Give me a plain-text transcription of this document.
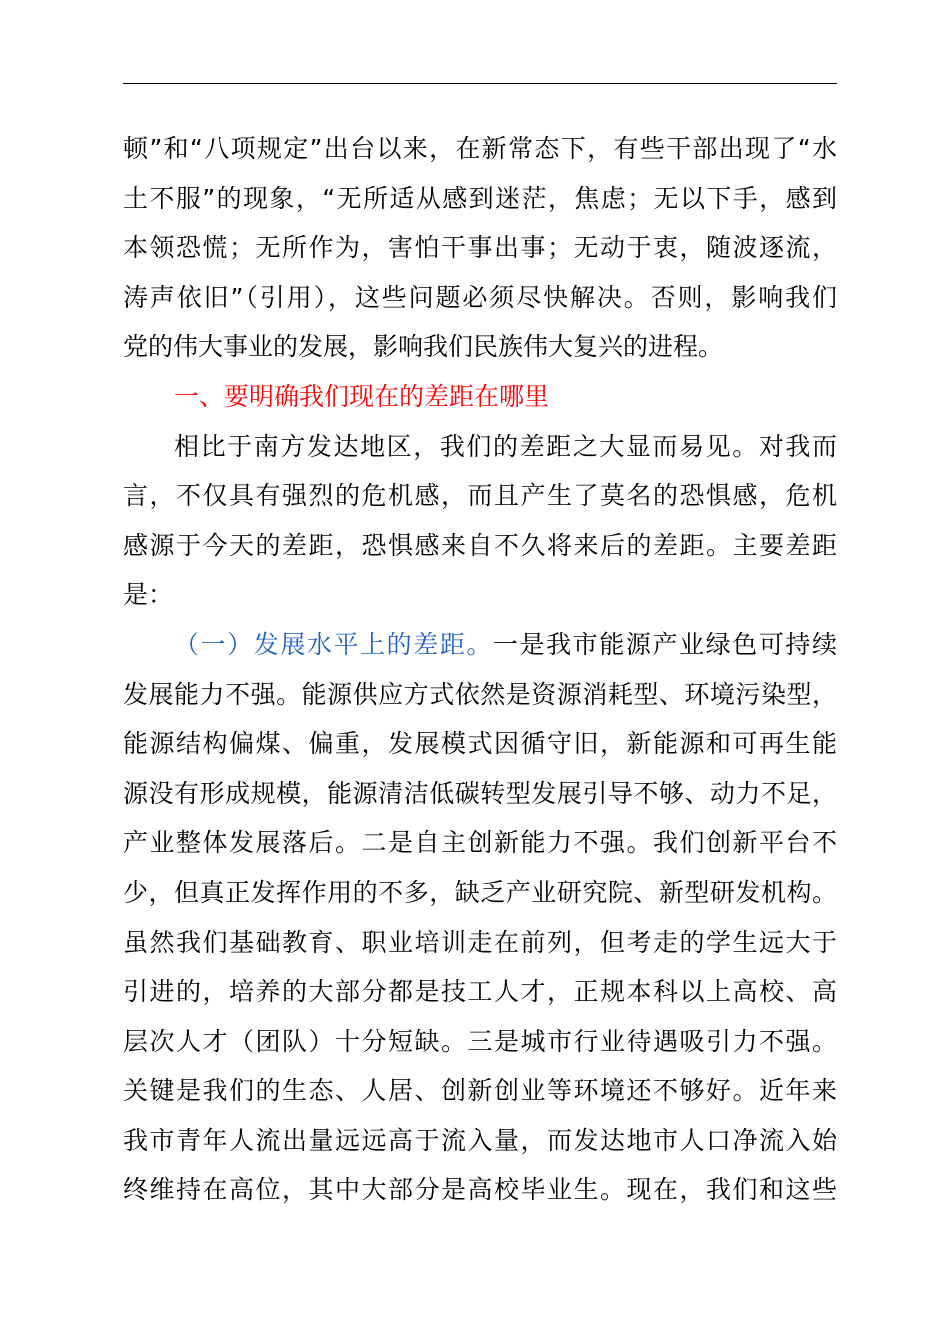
顿”和“八项规定”出台以来，在新常态下，有些干部出现了“水
土不服”的现象，“无所适从感到迷茫，焦虑；无以下手，感到
本领恐慌；无所作为，害怕干事出事；无动于衷，随波逐流，
涛声依旧”（引用），这些问题必须尽快解决。否则，影响我们
党的伟大事业的发展，影响我们民族伟大复兴的进程。
一、要明确我们现在的差距在哪里
相比于南方发达地区，我们的差距之大显而易见。对我而
言，不仅具有强烈的危机感，而且产生了莫名的恐惧感，危机
感源于今天的差距，恐惧感来自不久将来后的差距。主要差距
是：
（一）发展水平上的差距。一是我市能源产业绿色可持续
发展能力不强。能源供应方式依然是资源消耗型、环境污染型，
能源结构偏煤、偏重，发展模式因循守旧，新能源和可再生能
源没有形成规模，能源清洁低碳转型发展引导不够、动力不足，
产业整体发展落后。二是自主创新能力不强。我们创新平台不
少，但真正发挥作用的不多，缺乏产业研究院、新型研发机构。
虽然我们基础教育、职业培训走在前列，但考走的学生远大于
引进的，培养的大部分都是技工人才，正规本科以上高校、高
层次人才（团队）十分短缺。三是城市行业待遇吸引力不强。
关键是我们的生态、人居、创新创业等环境还不够好。近年来
我市青年人流出量远远高于流入量，而发达地市人口净流入始
终维持在高位，其中大部分是高校毕业生。现在，我们和这些
